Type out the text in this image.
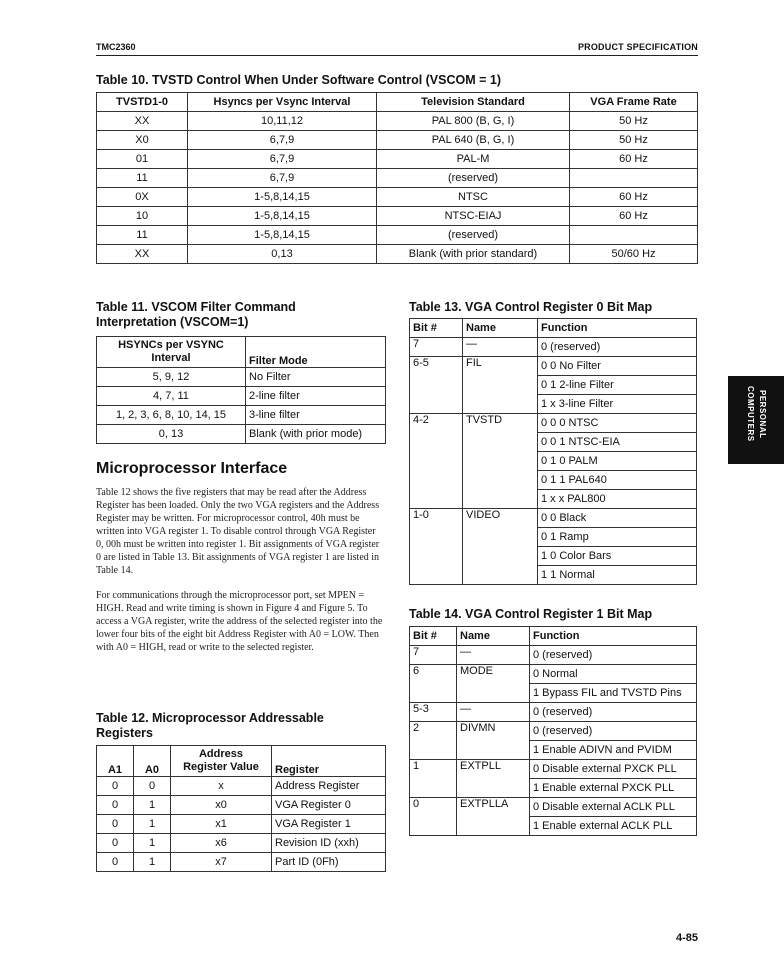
TMC2360	PRODUCT SPECIFICATION
Table 10. TVSTD Control When Under Software Control (VSCOM = 1)
TVSTD1-0	Hsyncs per Vsync Interval	Television Standard	VGA Frame Rate
XX	10,11,12	PAL 800 (B, G, I)	50 Hz
X0	6,7,9	PAL 640 (B, G, I)	50 Hz
01	6,7,9	PAL-M	60 Hz
11	6,7,9	(reserved)	
0X	1-5,8,14,15	NTSC	60 Hz
10	1-5,8,14,15	NTSC-EIAJ	60 Hz
11	1-5,8,14,15	(reserved)	
XX	0,13	Blank (with prior standard)	50/60 Hz
Table 11. VSCOM Filter Command
Interpretation (VSCOM=1)
HSYNCs per VSYNC
Interval	Filter Mode
5, 9, 12	No Filter
4, 7, 11	2-line filter
1, 2, 3, 6, 8, 10, 14, 15	3-line filter
0, 13	Blank (with prior mode)
Microprocessor Interface

Table 12 shows the five registers that may be read after the Address Register has been loaded. Only the two VGA registers and the Address Register may be written. For microprocessor control, 40h must be written into VGA register 1. To disable control through VGA Register 0, 00h must be written into register 1. Bit assignments of VGA register 0 are listed in Table 13. Bit assignments of VGA register 1 are listed in Table 14.

For communications through the microprocessor port, set MPEN = HIGH. Read and write timing is shown in Figure 4 and Figure 5. To access a VGA register, write the address of the selected register into the lower four bits of the eight bit Address Register with A0 = LOW. Then with A0 = HIGH, read or write to the selected register.

Table 12. Microprocessor Addressable
Registers
A1	A0	Address
Register Value	Register
0	0	x	Address Register
0	1	x0	VGA Register 0
0	1	x1	VGA Register 1
0	1	x6	Revision ID (xxh)
0	1	x7	Part ID (0Fh)
Table 13. VGA Control Register 0 Bit Map
Bit #	Name	Function
7	—	0 (reserved)
6-5	FIL	0 0 No Filter
		0 1 2-line Filter
		1 x 3-line Filter
4-2	TVSTD	0 0 0 NTSC
		0 0 1 NTSC-EIA
		0 1 0 PALM
		0 1 1 PAL640
		1 x x PAL800
1-0	VIDEO	0 0 Black
		0 1 Ramp
		1 0 Color Bars
		1 1 Normal
Table 14. VGA Control Register 1 Bit Map
Bit #	Name	Function
7	—	0 (reserved)
6	MODE	0 Normal
		1 Bypass FIL and TVSTD Pins
5-3	—	0 (reserved)
2	DIVMN	0 (reserved)
		1 Enable ADIVN and PVIDM
1	EXTPLL	0 Disable external PXCK PLL
		1 Enable external PXCK PLL
0	EXTPLLA	0 Disable external ACLK PLL
		1 Enable external ACLK PLL
PERSONAL
COMPUTERS
4-85
